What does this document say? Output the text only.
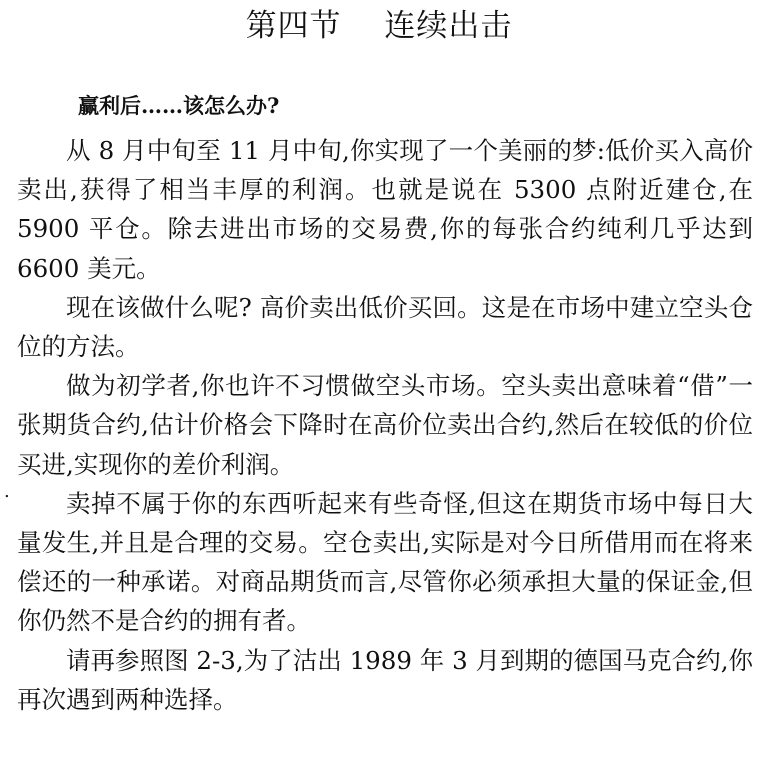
第四节　 连续出击
赢利后……该怎么办?

从 8 月中旬至 11 月中旬,你实现了一个美丽的梦:低价买入高价卖出,获得了相当丰厚的利润。也就是说在 5300 点附近建仓,在 5900 平仓。除去进出市场的交易费,你的每张合约纯利几乎达到 6600 美元。

现在该做什么呢? 高价卖出低价买回。这是在市场中建立空头仓位的方法。

做为初学者,你也许不习惯做空头市场。空头卖出意味着“借”一张期货合约,估计价格会下降时在高价位卖出合约,然后在较低的价位买进,实现你的差价利润。

卖掉不属于你的东西听起来有些奇怪,但这在期货市场中每日大量发生,并且是合理的交易。空仓卖出,实际是对今日所借用而在将来偿还的一种承诺。对商品期货而言,尽管你必须承担大量的保证金,但你仍然不是合约的拥有者。

请再参照图 2-3,为了沽出 1989 年 3 月到期的德国马克合约,你再次遇到两种选择。

.
